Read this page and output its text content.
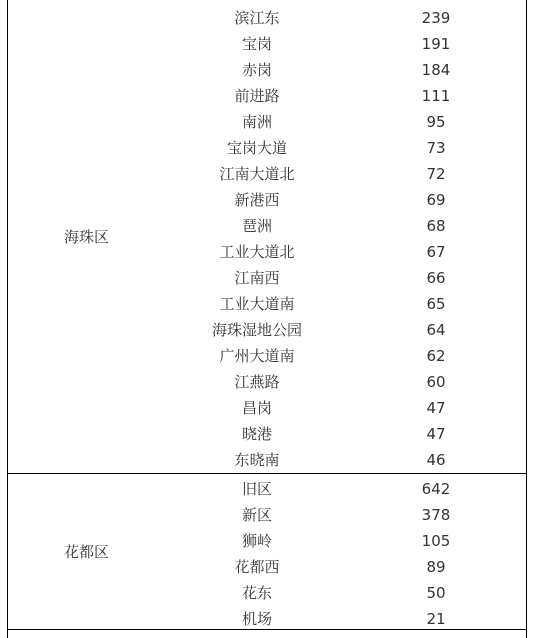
海珠区
滨江东	239
宝岗	191
赤岗	184
前进路	111
南洲	95
宝岗大道	73
江南大道北	72
新港西	69
琶洲	68
工业大道北	67
江南西	66
工业大道南	65
海珠湿地公园	64
广州大道南	62
江燕路	60
昌岗	47
晓港	47
东晓南	46
花都区
旧区	642
新区	378
狮岭	105
花都西	89
花东	50
机场	21
